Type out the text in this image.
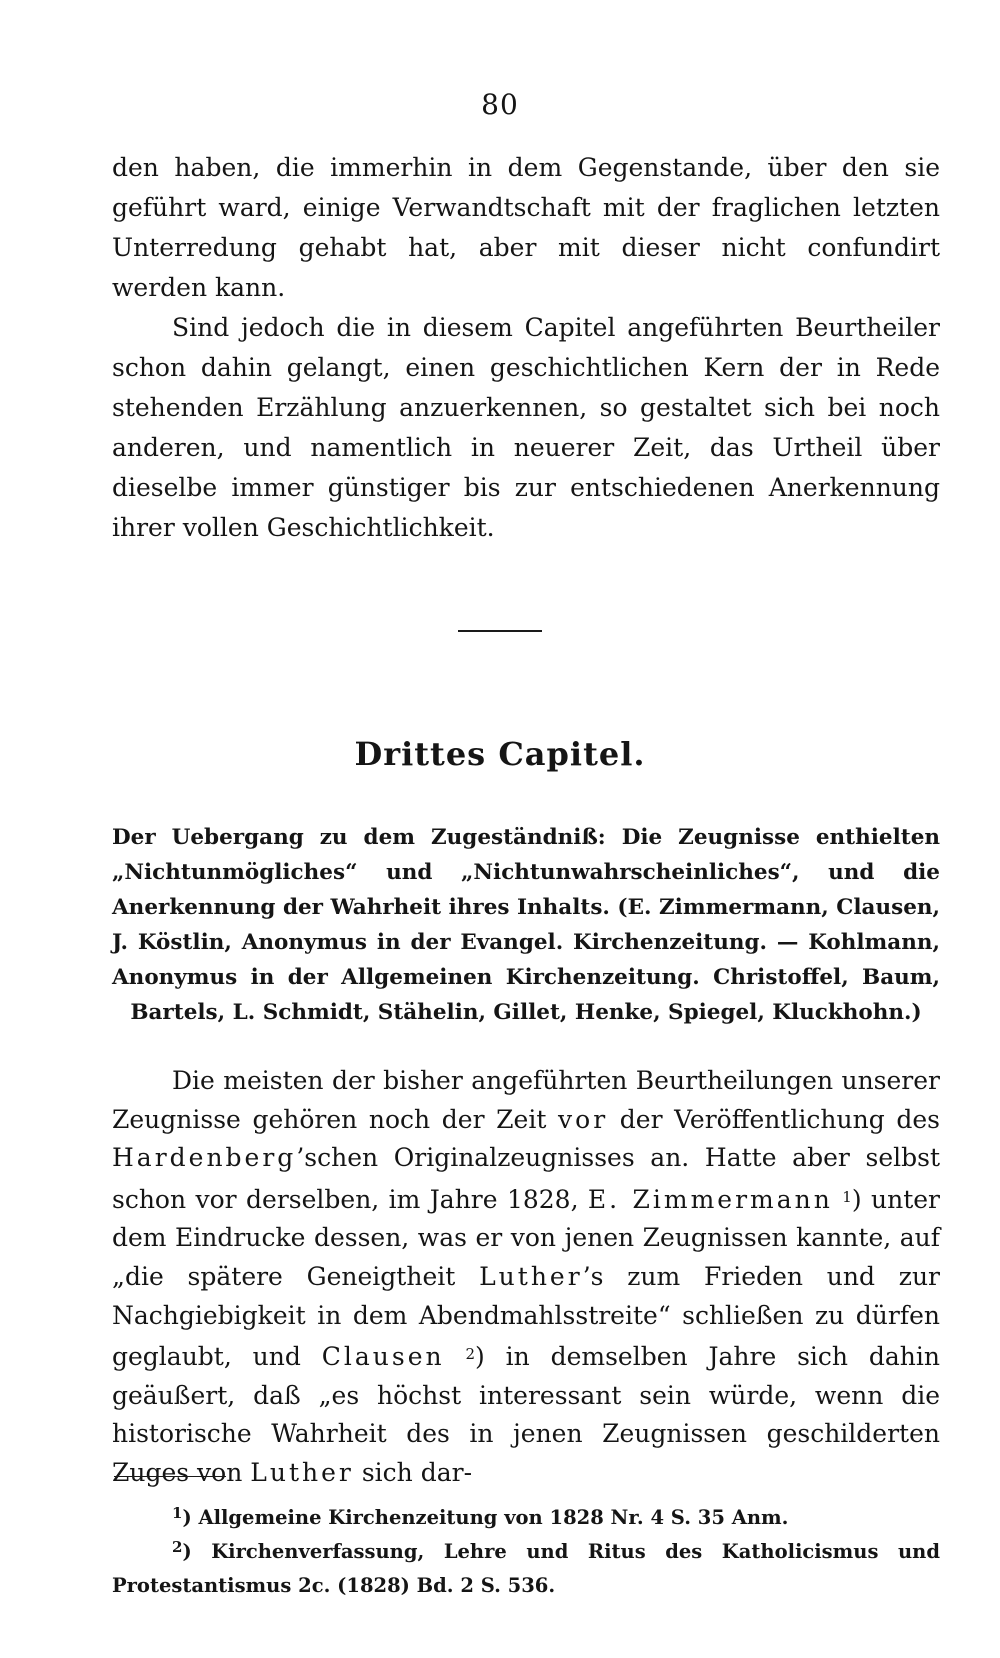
80

den haben, die immerhin in dem Gegenstande, über den sie geführt ward, einige Verwandtschaft mit der fraglichen letzten Unterredung gehabt hat, aber mit dieser nicht confundirt werden kann.

Sind jedoch die in diesem Capitel angeführten Beurtheiler schon dahin gelangt, einen geschichtlichen Kern der in Rede stehenden Erzählung anzuerkennen, so gestaltet sich bei noch anderen, und namentlich in neuerer Zeit, das Urtheil über dieselbe immer günstiger bis zur entschiedenen Anerkennung ihrer vollen Geschichtlichkeit.

Drittes Capitel.
Der Uebergang zu dem Zugeständniß: Die Zeugnisse enthielten „Nichtunmögliches“ und „Nichtunwahrscheinliches“, und die Anerkennung der Wahrheit ihres Inhalts. (E. Zimmermann, Clausen, J. Köstlin, Anonymus in der Evangel. Kirchenzeitung. — Kohlmann, Anonymus in der Allgemeinen Kirchenzeitung. Christoffel, Baum, Bartels, L. Schmidt, Stähelin, Gillet, Henke, Spiegel, Kluckhohn.)

Die meisten der bisher angeführten Beurtheilungen unserer Zeugnisse gehören noch der Zeit vor der Veröffentlichung des Hardenberg’schen Originalzeugnisses an. Hatte aber selbst schon vor derselben, im Jahre 1828, E. Zimmermann $^1$) unter dem Eindrucke dessen, was er von jenen Zeugnissen kannte, auf „die spätere Geneigtheit Luther’s zum Frieden und zur Nachgiebigkeit in dem Abendmahlsstreite“ schließen zu dürfen geglaubt, und Clausen $^2$) in demselben Jahre sich dahin geäußert, daß „es höchst interessant sein würde, wenn die historische Wahrheit des in jenen Zeugnissen geschilderten Zuges von Luther sich dar-

$^1$) Allgemeine Kirchenzeitung von 1828 Nr. 4 S. 35 Anm.
$^2$) Kirchenverfassung, Lehre und Ritus des Katholicismus und Protestantismus 2c. (1828) Bd. 2 S. 536.
